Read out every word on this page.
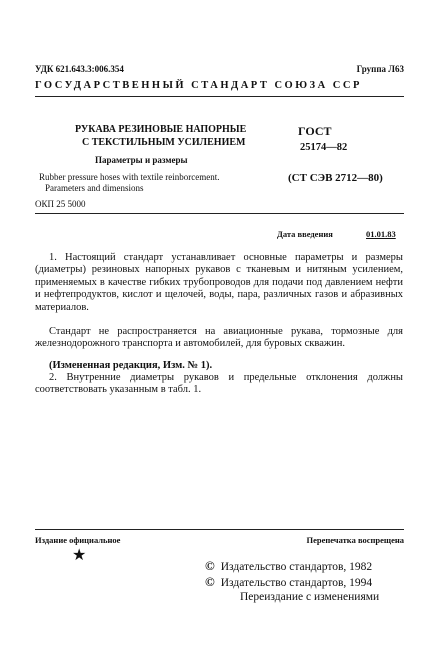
УДК 621.643.3:006.354	Группа Л63
ГОСУДАРСТВЕННЫЙ СТАНДАРТ СОЮЗА ССР
РУКАВА РЕЗИНОВЫЕ НАПОРНЫЕ
С ТЕКСТИЛЬНЫМ УСИЛЕНИЕМ
Параметры и размеры
Rubber pressure hoses with textile reinborcement.
Parameters and dimensions
ГОСТ
25174—82
(СТ СЭВ 2712—80)
ОКП 25 5000
Дата введения	01.01.83
1. Настоящий стандарт устанавливает основные параметры и размеры (диаметры) резиновых напорных рукавов с тканевым и нитяным усилением, применяемых в качестве гибких трубопроводов для подачи под давлением нефти и нефтепродуктов, кислот и щелочей, воды, пара, различных газов и абразивных материалов.
Стандарт не распространяется на авиационные рукава, тормозные для железнодорожного транспорта и автомобилей, для буровых скважин.
(Измененная редакция, Изм. № 1).
2. Внутренние диаметры рукавов и предельные отклонения должны соответствовать указанным в табл. 1.
Издание официальное
★
Перепечатка воспрещена
© Издательство стандартов, 1982
© Издательство стандартов, 1994
Переиздание с изменениями
